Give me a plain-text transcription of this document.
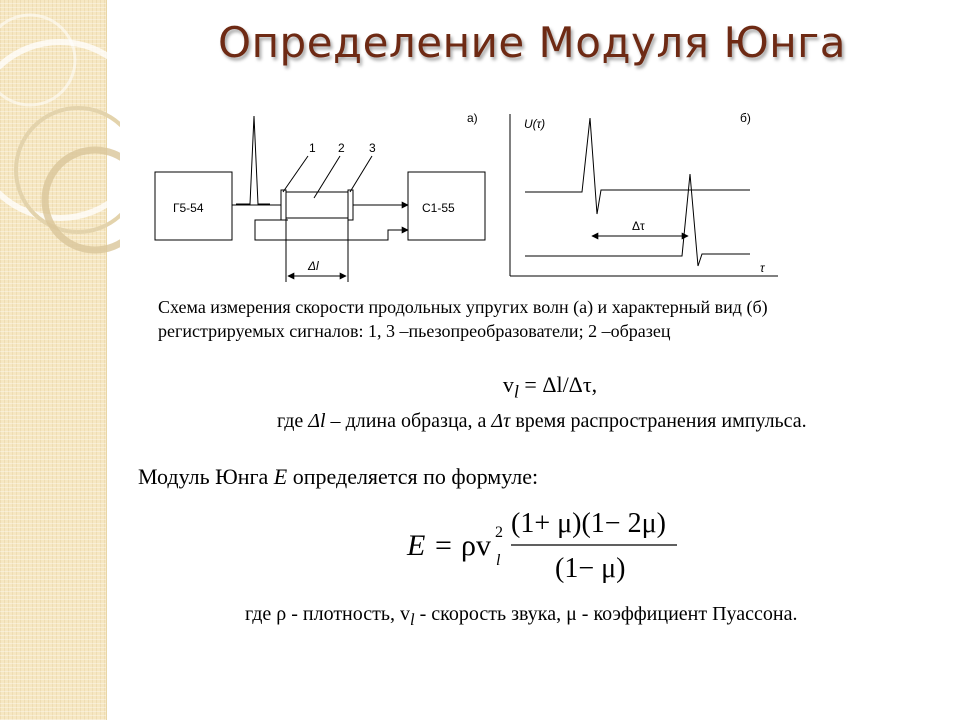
Определение Модуля Юнга
Г5-54	С1-55
1 2 3
Δl
а)	б)
U(τ)
τ
Δτ
Схема измерения скорости продольных упругих волн (а) и характерный вид (б)
регистрируемых сигналов: 1, 3 –пьезопреобразователи; 2 –образец
$v_l = \Delta l/\Delta\tau$,
где Δl – длина образца, а Δτ время распространения импульса.
Модуль Юнга E определяется по формуле:
E = ρv 2
l
(1+ μ)(1− 2μ)
(1− μ)
где ρ - плотность, $v_l$ - скорость звука, μ - коэффициент Пуассона.
